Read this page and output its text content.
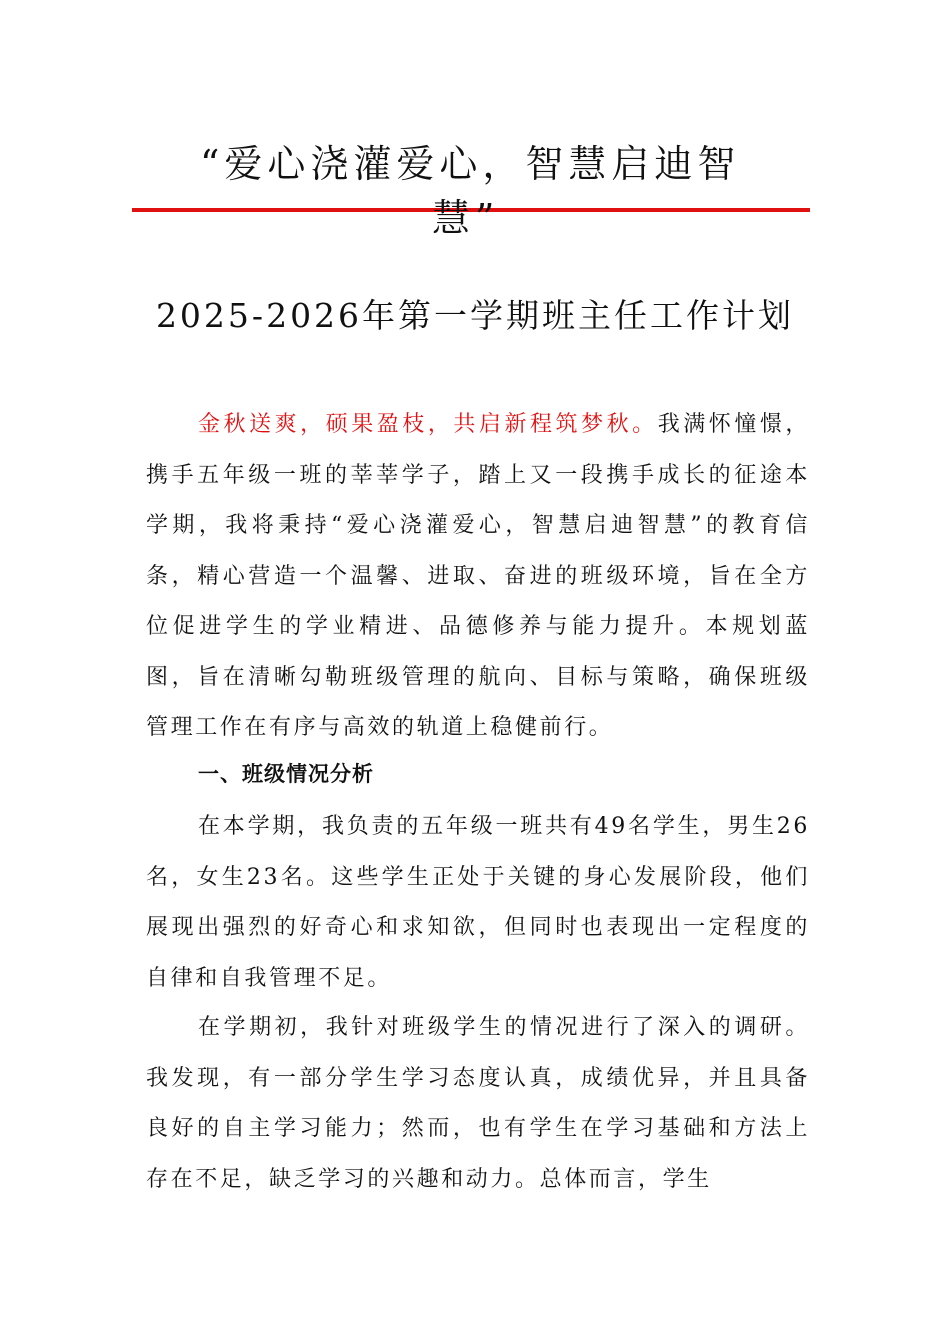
“爱心浇灌爱心，智慧启迪智
慧”
2025-2026年第一学期班主任工作计划
金秋送爽，硕果盈枝，共启新程筑梦秋。我满怀憧憬，携手五年级一班的莘莘学子，踏上又一段携手成长的征途本学期，我将秉持“爱心浇灌爱心，智慧启迪智慧”的教育信条，精心营造一个温馨、进取、奋进的班级环境，旨在全方位促进学生的学业精进、品德修养与能力提升。本规划蓝图，旨在清晰勾勒班级管理的航向、目标与策略，确保班级管理工作在有序与高效的轨道上稳健前行。
一、班级情况分析
在本学期，我负责的五年级一班共有49名学生，男生26名，女生23名。这些学生正处于关键的身心发展阶段，他们展现出强烈的好奇心和求知欲，但同时也表现出一定程度的自律和自我管理不足。
在学期初，我针对班级学生的情况进行了深入的调研。我发现，有一部分学生学习态度认真，成绩优异，并且具备良好的自主学习能力；然而，也有学生在学习基础和方法上存在不足，缺乏学习的兴趣和动力。总体而言，学生
